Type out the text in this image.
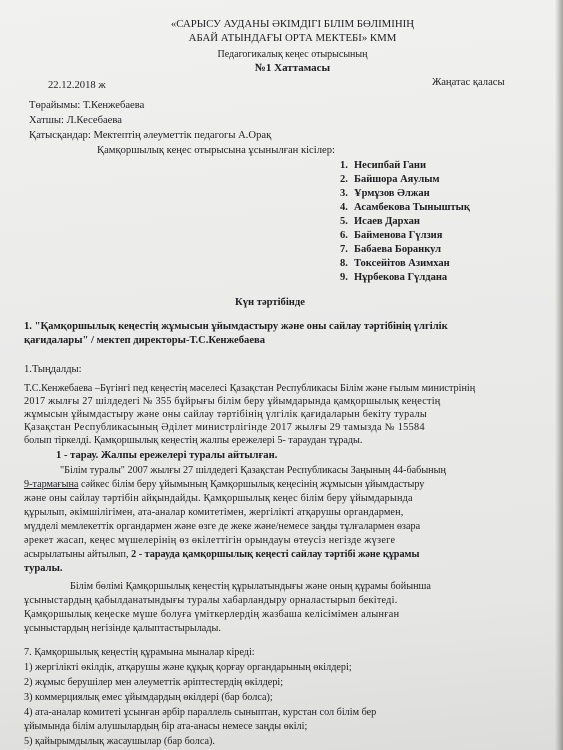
«САРЫСУ АУДАНЫ ӘКІМДІГІ БІЛІМ БӨЛІМІНІҢ
АБАЙ АТЫНДАҒЫ ОРТА МЕКТЕБІ» КММ
Педагогикалық кеңес отырысының
№1 Хаттамасы
22.12.2018 ж	Жаңатас қаласы
Төрайымы: Т.Кенжебаева
Хатшы: Л.Кесебаева
Қатысқандар: Мектептің әлеуметтік педагогы А.Орақ
Қамқоршылық кеңес отырысына ұсынылған кісілер:
1. Несипбай Гани
2. Байшора Аяулым
3. Ұрмұзов Әлжан
4. Асамбекова Тыныштық
5. Исаев Дархан
6. Байменова Гүлзия
7. Бабаева Боранкул
8. Токсейітов Азимхан
9. Нұрбекова Гүлдана
Күн тәртібінде
1. "Қамқоршылық кеңестің жұмысын ұйымдастыру және оны сайлау тәртібінің үлгілік
қағидалары" / мектеп директоры-Т.С.Кенжебаева
1.Тыңдалды:
Т.С.Кенжебаева –Бүгінгі пед кеңестің мәселесі Қазақстан Республикасы Білім және ғылым министрінің
2017 жылғы 27 шілдедегі № 355 бұйрығы білім беру ұйымдарында қамқоршылық кеңестің
жұмысын ұйымдастыру және оны сайлау тәртібінің үлгілік қағидаларын бекіту туралы
Қазақстан Республикасының Әділет министрлігінде 2017 жылғы 29 тамызда № 15584
болып тіркелді. Қамқоршылық кеңестің жалпы ережелері 5- тараудан тұрады.
1 - тарау. Жалпы ережелері туралы айтылған.
"Білім туралы" 2007 жылғы 27 шілдедегі Қазақстан Республикасы Заңының 44-бабының
9-тармағына сәйкес білім беру ұйымының Қамқоршылық кеңесінің жұмысын ұйымдастыру
және оны сайлау тәртібін айқындайды. Қамқоршылық кеңес білім беру ұйымдарында
құрылып, әкімшілігімен, ата-аналар комитетімен, жергілікті атқарушы органдармен,
мүдделі мемлекеттік органдармен және өзге де жеке және/немесе заңды тұлғалармен өзара
әрекет жасап, кеңес мүшелерінің өз өкілеттігін орындауы өтеусіз негізде жүзеге
асырылатыны айтылып, 2 - тарауда қамқоршылық кеңесті сайлау тәртібі және құрамы
туралы.
Білім бөлімі Қамқоршылық кеңестің құрылатындығы және оның құрамы бойынша
ұсыныстардың қабылданатындығы туралы хабарландыру орналастырып бекітеді.
Қамқоршылық кеңеске мүше болуға үміткерлердің жазбаша келісімімен алынған
ұсыныстардың негізінде қалыптастырылады.
7. Қамқоршылық кеңестің құрамына мыналар кіреді:
1) жергілікті өкілдік, атқарушы және құқық қорғау органдарының өкілдері;
2) жұмыс берушілер мен әлеуметтік әріптестердің өкілдері;
3) коммерциялық емес ұйымдардың өкілдері (бар болса);
4) ата-аналар комитеті ұсынған әрбір параллель сыныптан, курстан сол білім бер
ұйымында білім алушылардың бір ата-анасы немесе заңды өкілі;
5) қайырымдылық жасаушылар (бар болса).
